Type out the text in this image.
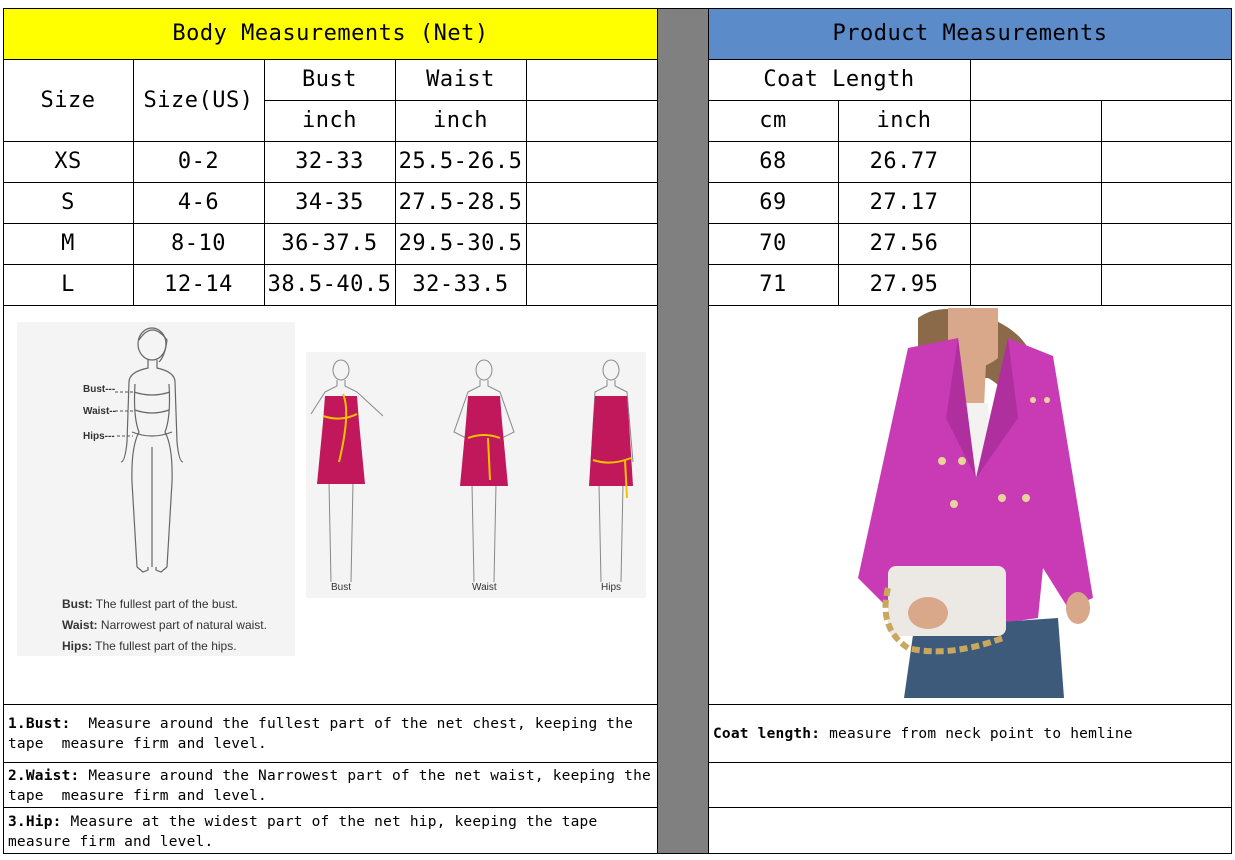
Body Measurements (Net)	Product Measurements
Size	Size(US)
Bust	Waist
inch	inch
XS	0-2	32-33	25.5-26.5
S	4-6	34-35	27.5-28.5
M	8-10	36-37.5 29.5-30.5
L	12-14	38.5-40.5 32-33.5
Coat Length
cm	inch
68	26.77
69	27.17
70	27.56
71	27.95
Bust---
Waist--
Hips---
Bust: The fullest part of the bust.
Waist: Narrowest part of natural waist.
Hips: The fullest part of the hips.
Bust	Waist	Hips
1.Bust:  Measure around the fullest part of the net chest, keeping the tape  measure firm and level.
2.Waist: Measure around the Narrowest part of the net waist, keeping the tape  measure firm and level.
3.Hip: Measure at the widest part of the net hip, keeping the tape measure firm and level.
Coat length: measure from neck point to hemline
